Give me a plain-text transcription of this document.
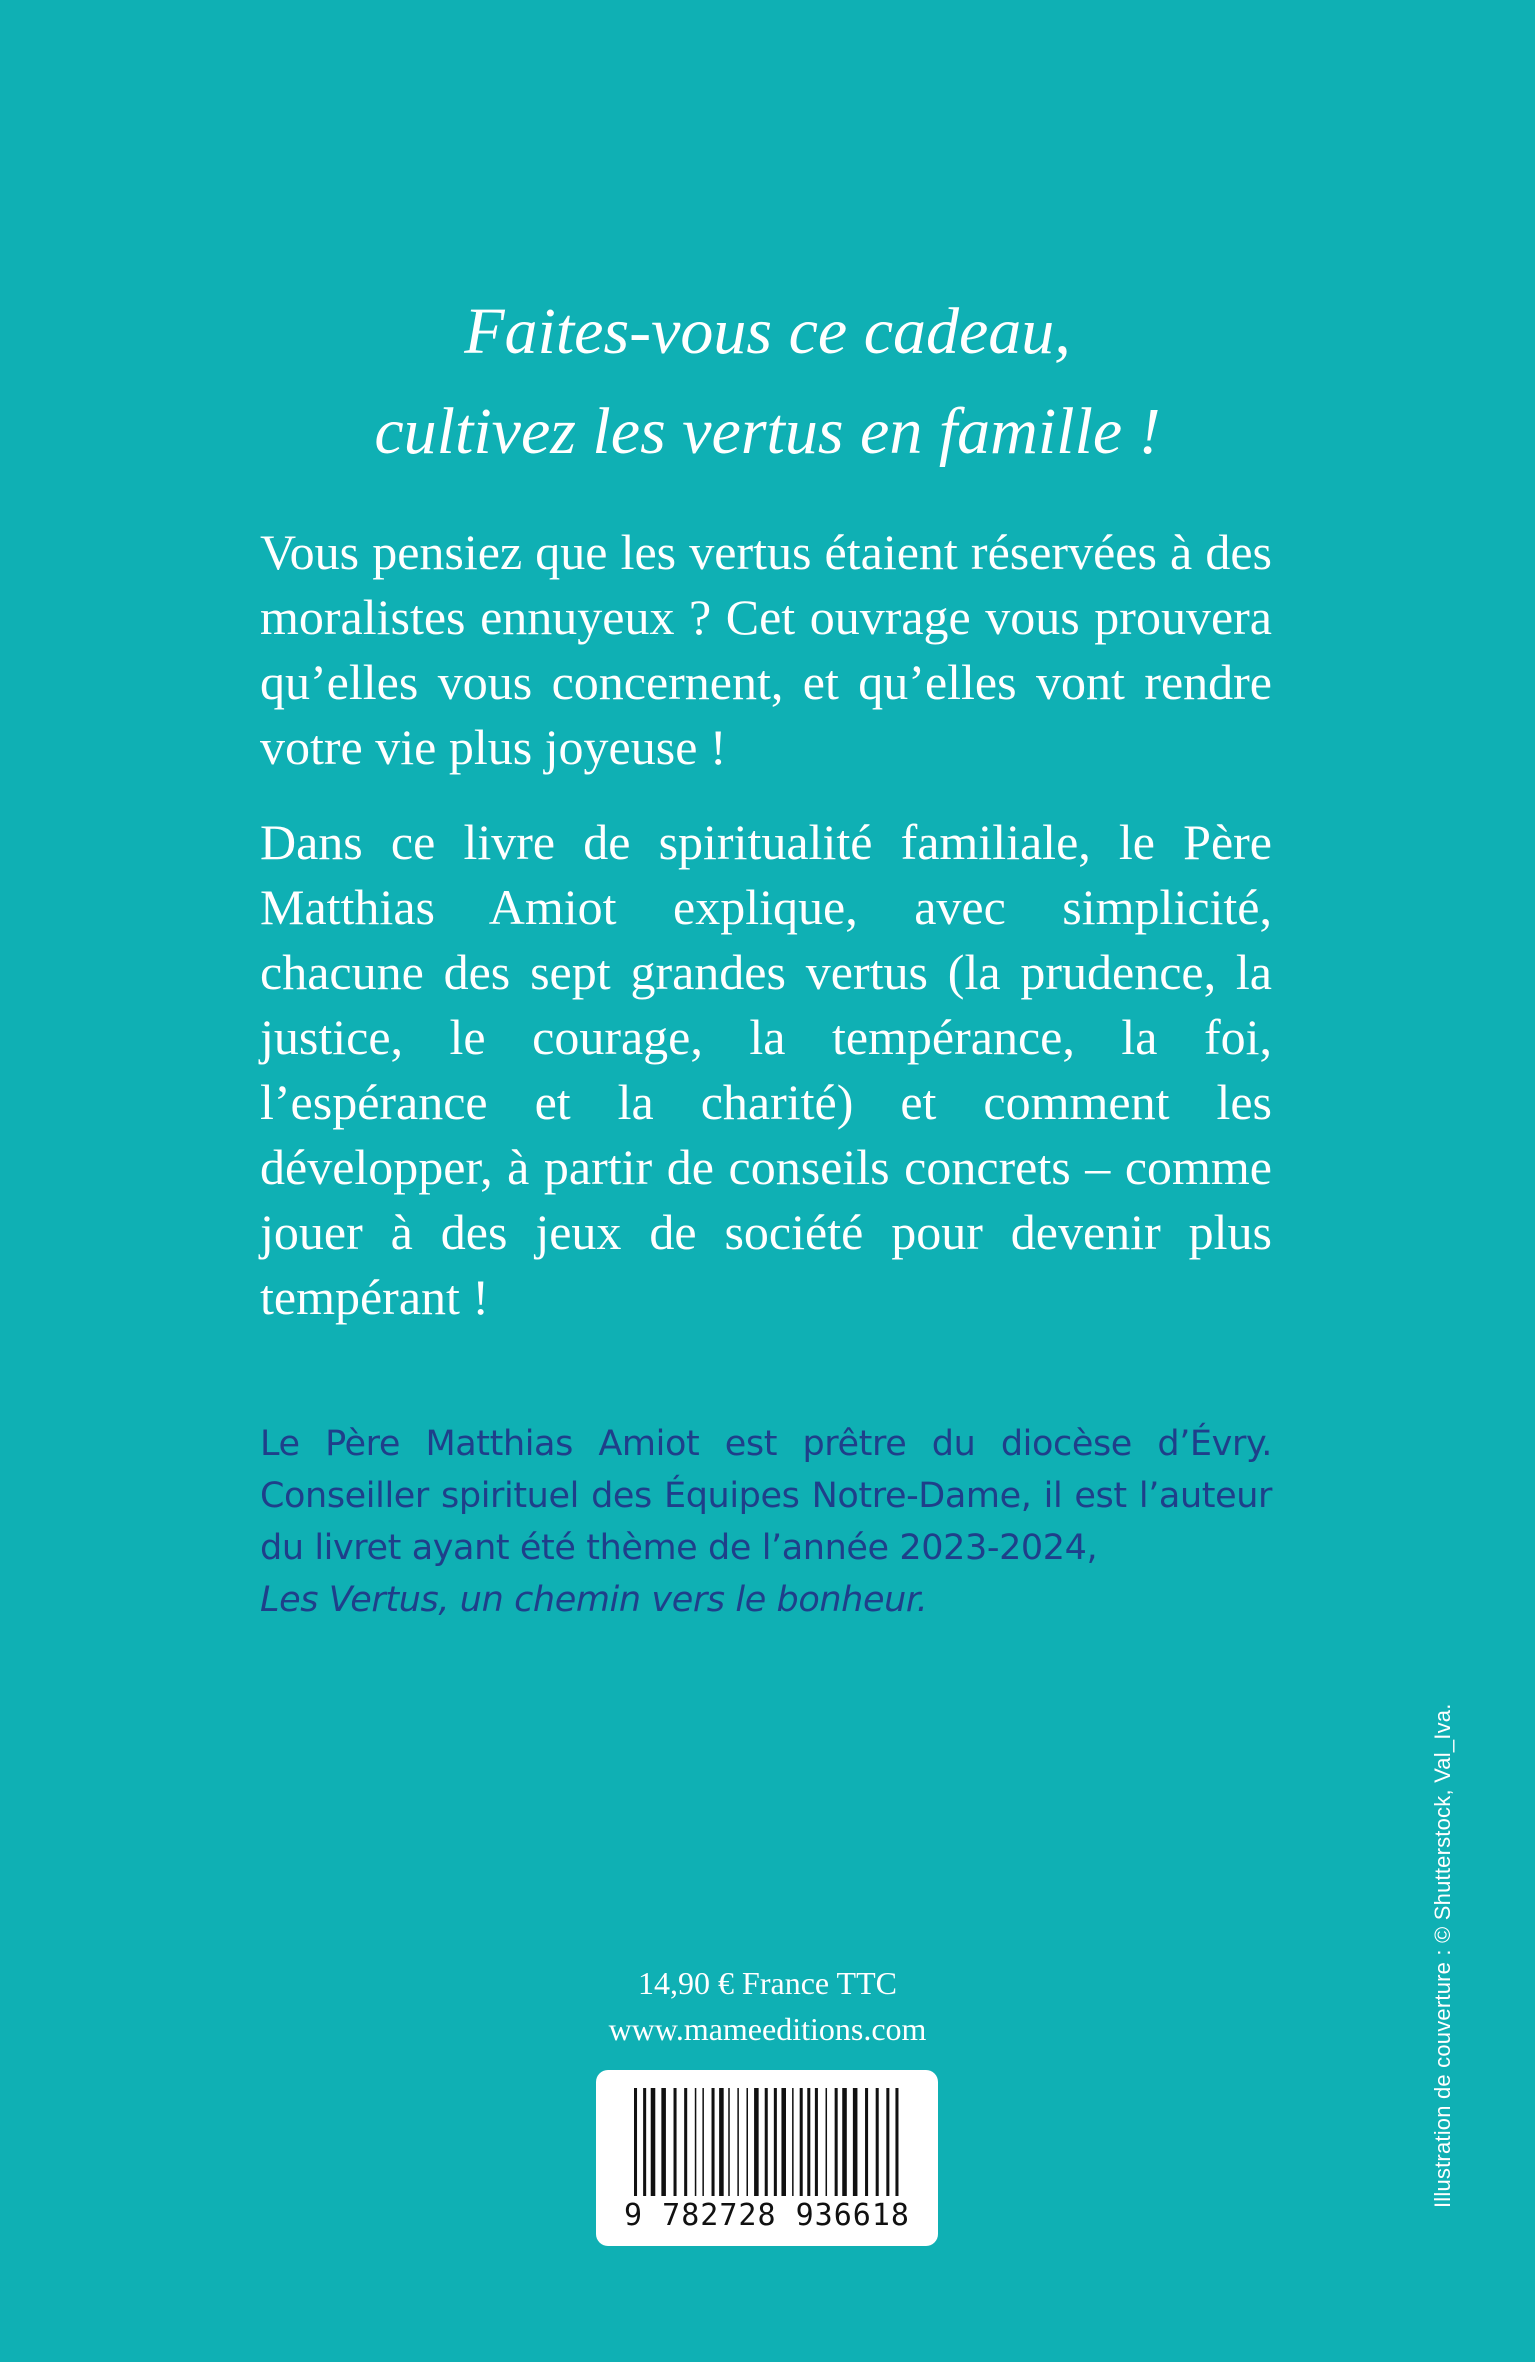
Faites-vous ce cadeau,
cultivez les vertus en famille !

Vous pensiez que les vertus étaient réservées à des moralistes ennuyeux ? Cet ouvrage vous prouvera qu’elles vous concernent, et qu’elles vont rendre votre vie plus joyeuse !

Dans ce livre de spiritualité familiale, le Père Matthias Amiot explique, avec simplicité, chacune des sept grandes vertus (la prudence, la justice, le courage, la tempérance, la foi, l’espérance et la charité) et comment les développer, à partir de conseils concrets – comme jouer à des jeux de société pour devenir plus tempérant !

Le Père Matthias Amiot est prêtre du diocèse d’Évry. Conseiller spirituel des Équipes Notre-Dame, il est l’auteur du livret ayant été thème de l’année 2023-2024,

Les Vertus, un chemin vers le bonheur.

14,90 € France TTC
www.mameeditions.com
9 782728 936618
Illustration de couverture : © Shutterstock, Val_Iva.
